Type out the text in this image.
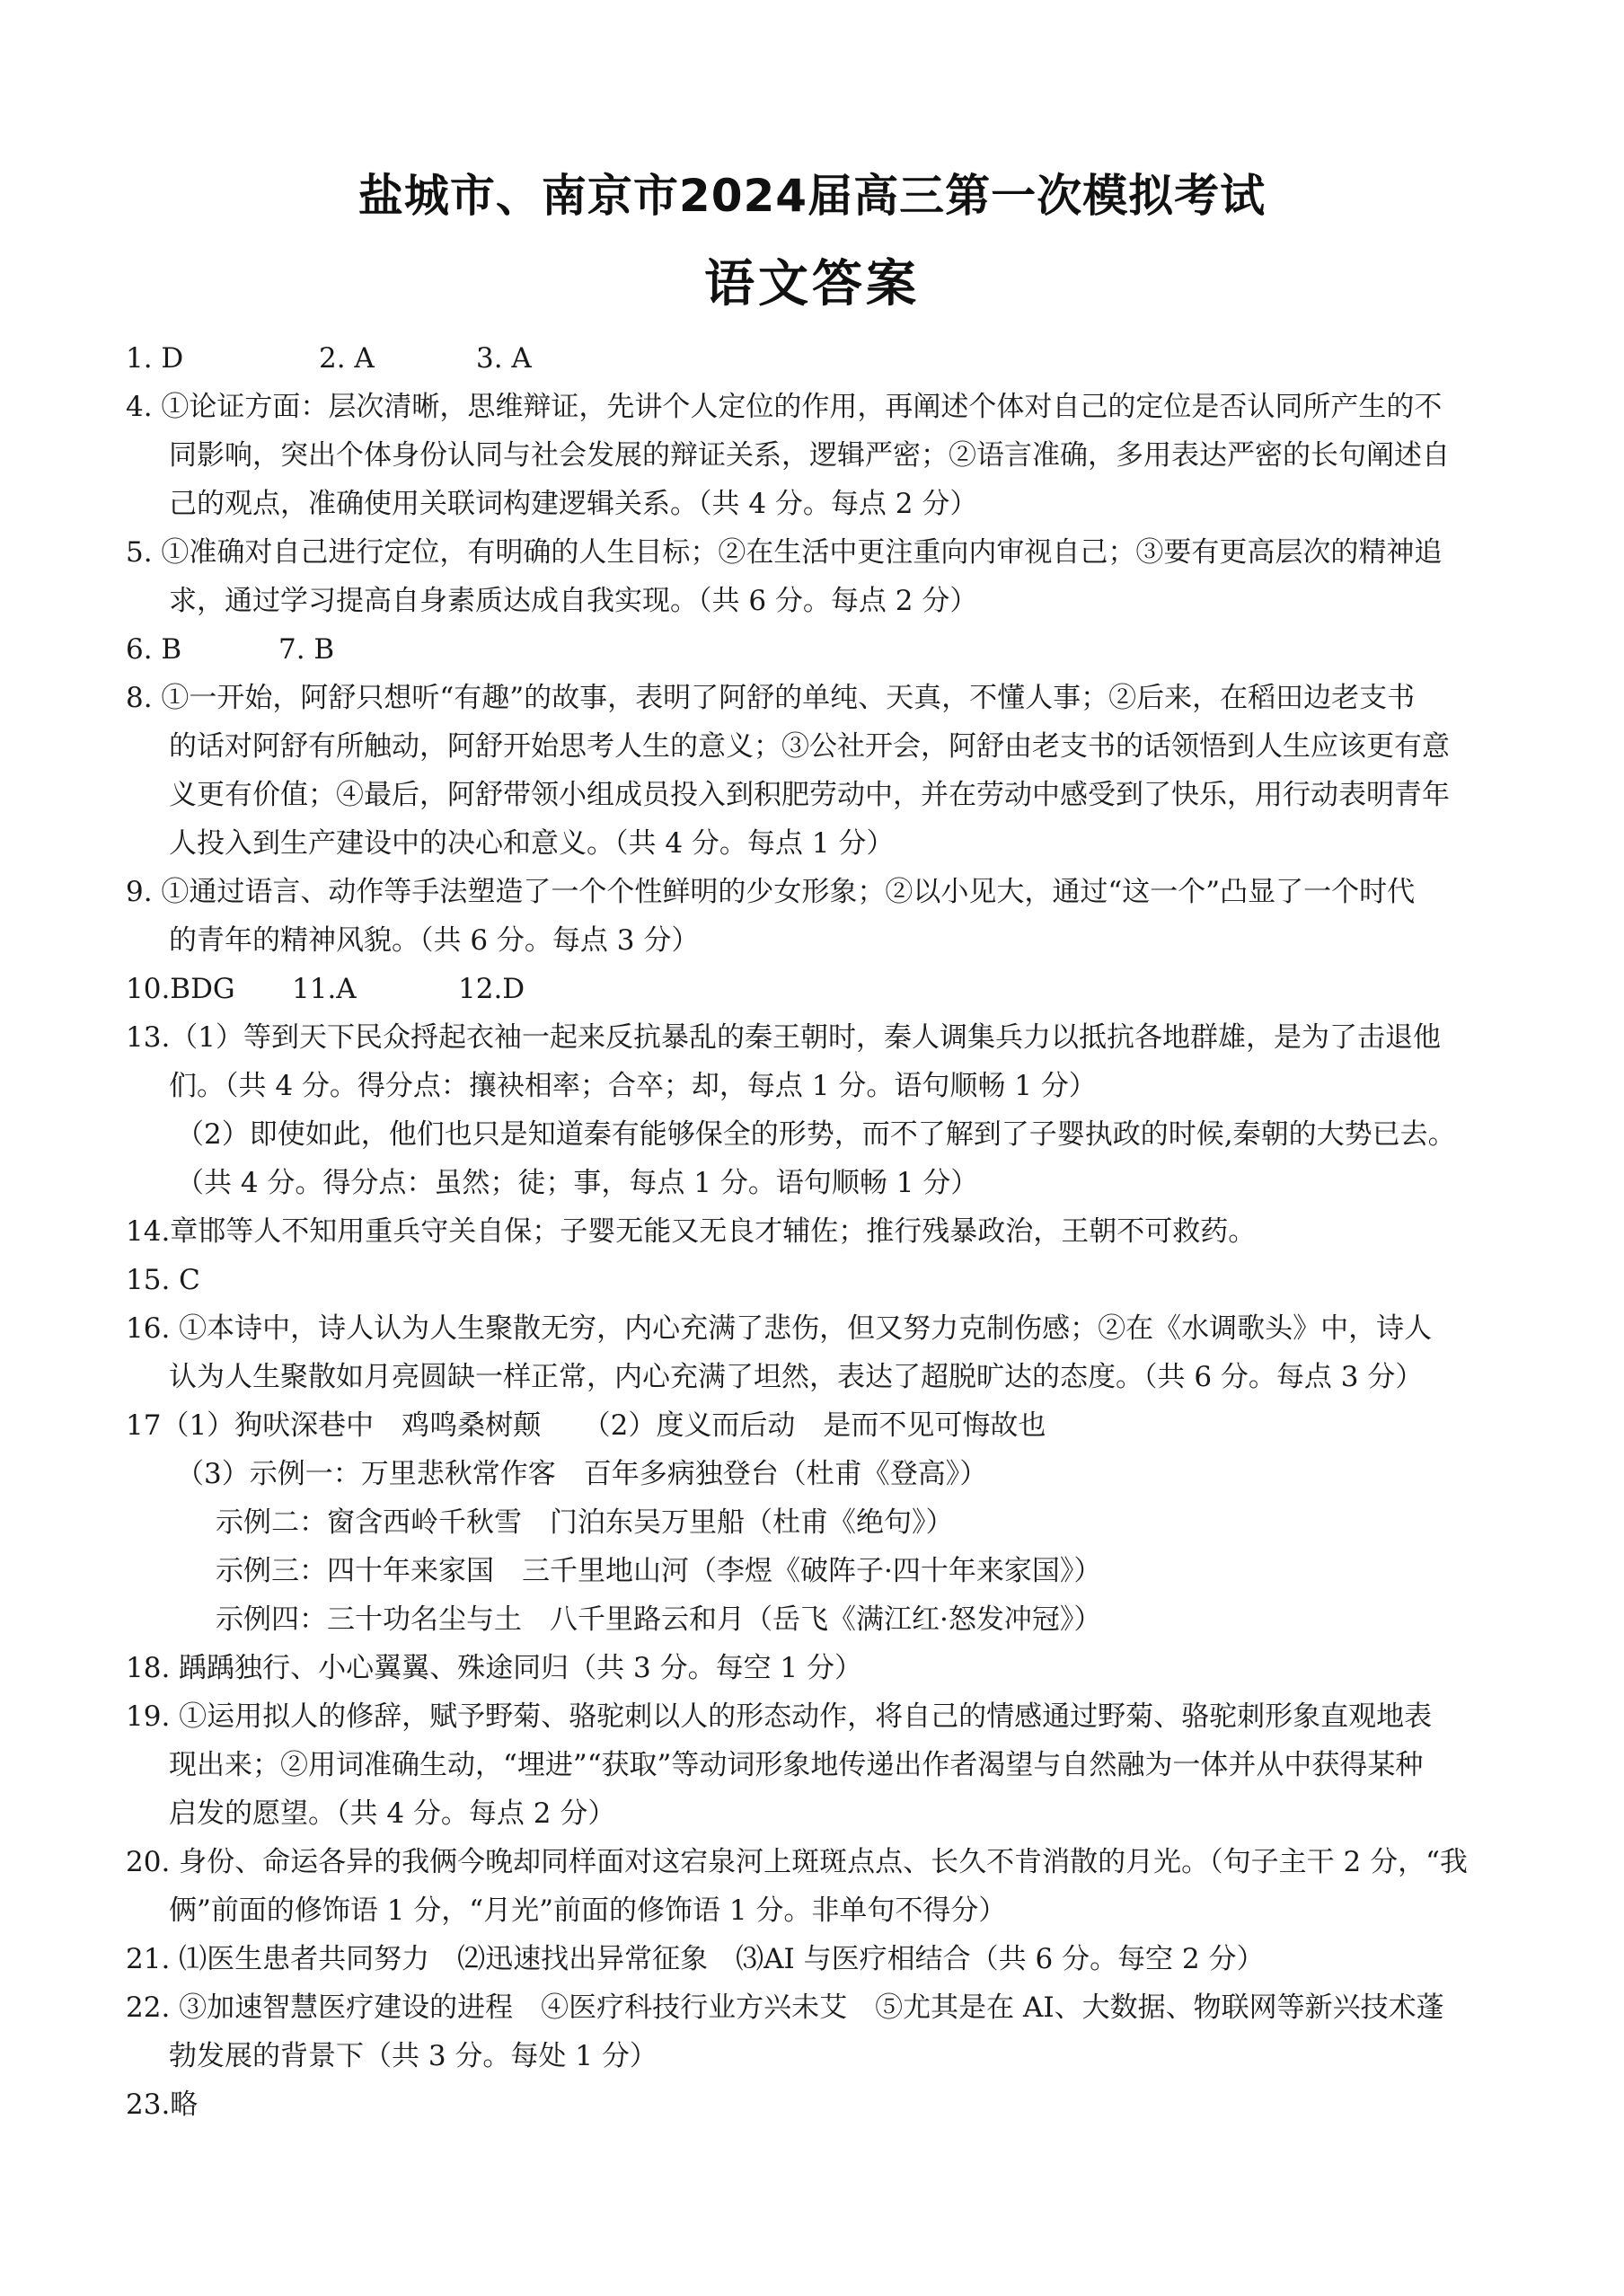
盐城市、南京市2024届高三第一次模拟考试
语文答案
1. D	2. A	3. A
4. ①论证方面：层次清晰，思维辩证，先讲个人定位的作用，再阐述个体对自己的定位是否认同所产生的不
同影响，突出个体身份认同与社会发展的辩证关系，逻辑严密；②语言准确，多用表达严密的长句阐述自
己的观点，准确使用关联词构建逻辑关系。（共 4 分。每点 2 分）
5. ①准确对自己进行定位，有明确的人生目标；②在生活中更注重向内审视自己；③要有更高层次的精神追
求，通过学习提高自身素质达成自我实现。（共 6 分。每点 2 分）
6. B	7. B
8. ①一开始，阿舒只想听“有趣”的故事，表明了阿舒的单纯、天真，不懂人事；②后来，在稻田边老支书
的话对阿舒有所触动，阿舒开始思考人生的意义；③公社开会，阿舒由老支书的话领悟到人生应该更有意
义更有价值；④最后，阿舒带领小组成员投入到积肥劳动中，并在劳动中感受到了快乐，用行动表明青年
人投入到生产建设中的决心和意义。（共 4 分。每点 1 分）
9. ①通过语言、动作等手法塑造了一个个性鲜明的少女形象；②以小见大，通过“这一个”凸显了一个时代
的青年的精神风貌。（共 6 分。每点 3 分）
10.BDG 11.A	12.D
13.（1）等到天下民众捋起衣袖一起来反抗暴乱的秦王朝时，秦人调集兵力以抵抗各地群雄，是为了击退他
们。（共 4 分。得分点：攘袂相率；合卒；却，每点 1 分。语句顺畅 1 分）
（2）即使如此，他们也只是知道秦有能够保全的形势，而不了解到了子婴执政的时候,秦朝的大势已去。
（共 4 分。得分点：虽然；徒；事，每点 1 分。语句顺畅 1 分）
14.章邯等人不知用重兵守关自保；子婴无能又无良才辅佐；推行残暴政治，王朝不可救药。
15. C
16. ①本诗中，诗人认为人生聚散无穷，内心充满了悲伤，但又努力克制伤感；②在《水调歌头》中，诗人
认为人生聚散如月亮圆缺一样正常，内心充满了坦然，表达了超脱旷达的态度。（共 6 分。每点 3 分）
17（1）狗吠深巷中　鸡鸣桑树颠　　（2）度义而后动　是而不见可悔故也
（3）示例一：万里悲秋常作客　百年多病独登台（杜甫《登高》）
示例二：窗含西岭千秋雪　门泊东吴万里船（杜甫《绝句》）
示例三：四十年来家国　三千里地山河（李煜《破阵子·四十年来家国》）
示例四：三十功名尘与土　八千里路云和月（岳飞《满江红·怒发冲冠》）
18. 踽踽独行、小心翼翼、殊途同归（共 3 分。每空 1 分）
19. ①运用拟人的修辞，赋予野菊、骆驼刺以人的形态动作，将自己的情感通过野菊、骆驼刺形象直观地表
现出来；②用词准确生动，“埋进”“获取”等动词形象地传递出作者渴望与自然融为一体并从中获得某种
启发的愿望。（共 4 分。每点 2 分）
20. 身份、命运各异的我俩今晚却同样面对这宕泉河上斑斑点点、长久不肯消散的月光。（句子主干 2 分，“我
俩”前面的修饰语 1 分，“月光”前面的修饰语 1 分。非单句不得分）
21. ⑴医生患者共同努力　⑵迅速找出异常征象　⑶AI 与医疗相结合（共 6 分。每空 2 分）
22. ③加速智慧医疗建设的进程　④医疗科技行业方兴未艾　⑤尤其是在 AI、大数据、物联网等新兴技术蓬
勃发展的背景下（共 3 分。每处 1 分）
23.略
